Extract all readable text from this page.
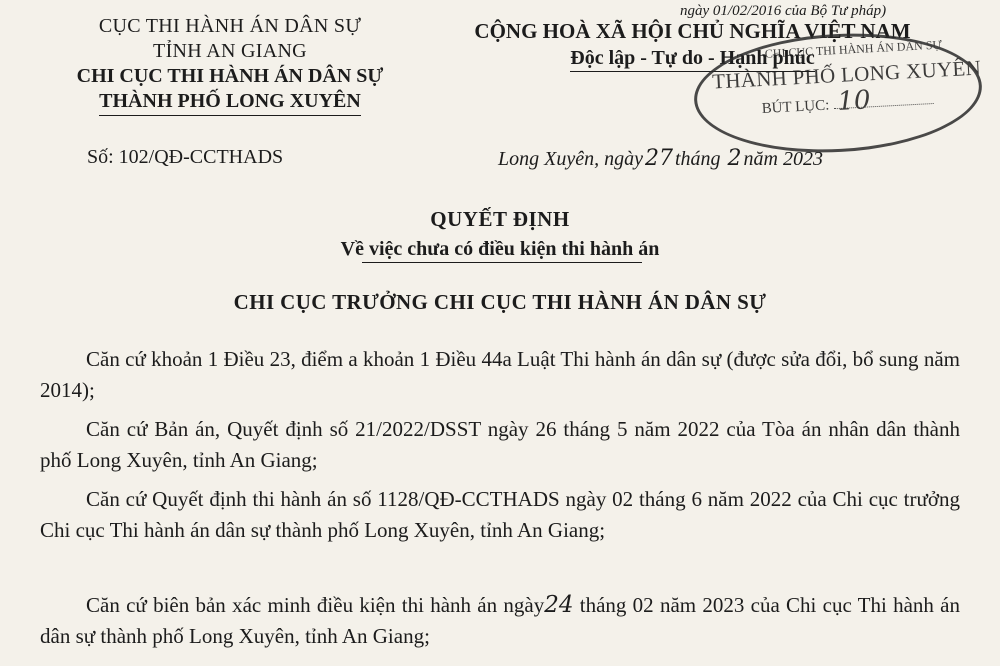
ngày 01/02/2016 của Bộ Tư pháp)
CỤC THI HÀNH ÁN DÂN SỰ
TỈNH AN GIANG
CHI CỤC THI HÀNH ÁN DÂN SỰ
THÀNH PHỐ LONG XUYÊN
CỘNG HOÀ XÃ HỘI CHỦ NGHĨA VIỆT NAM
Độc lập - Tự do - Hạnh phúc
CHI CỤC THI HÀNH ÁN DÂN SỰ
THÀNH PHỐ LONG XUYÊN
BÚT LỤC: 10
Số: 102/QĐ-CCTHADS	Long Xuyên, ngày27 tháng 2 năm 2023
QUYẾT ĐỊNH
Về việc chưa có điều kiện thi hành án
CHI CỤC TRƯỞNG CHI CỤC THI HÀNH ÁN DÂN SỰ

Căn cứ khoản 1 Điều 23, điểm a khoản 1 Điều 44a Luật Thi hành án dân sự (được sửa đổi, bổ sung năm 2014);

Căn cứ Bản án, Quyết định số 21/2022/DSST ngày 26 tháng 5 năm 2022 của Tòa án nhân dân thành phố Long Xuyên, tỉnh An Giang;

Căn cứ Quyết định thi hành án số 1128/QĐ-CCTHADS ngày 02 tháng 6 năm 2022 của Chi cục trưởng Chi cục Thi hành án dân sự thành phố Long Xuyên, tỉnh An Giang;

Căn cứ biên bản xác minh điều kiện thi hành án ngày24 tháng 02 năm 2023 của Chi cục Thi hành án dân sự thành phố Long Xuyên, tỉnh An Giang;
